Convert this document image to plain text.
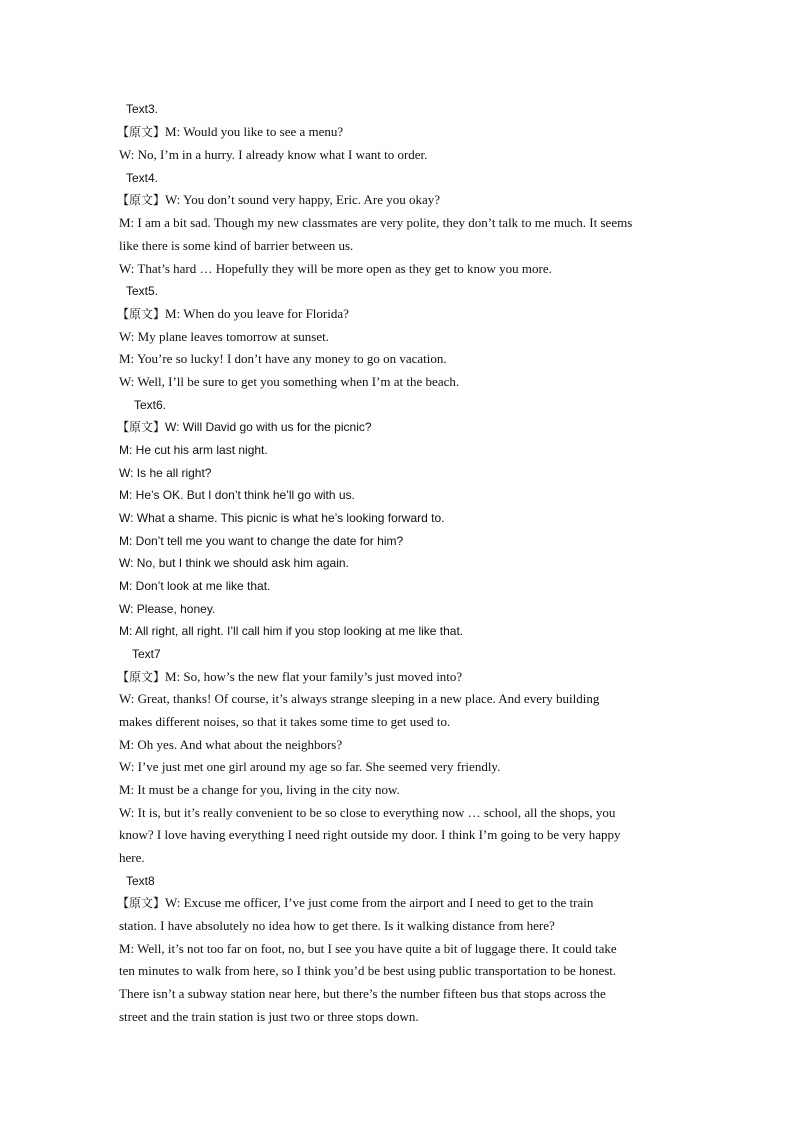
Text3.
【原文】M: Would you like to see a menu?
W: No, I’m in a hurry. I already know what I want to order.
Text4.
【原文】W: You don’t sound very happy, Eric. Are you okay?
M: I am a bit sad. Though my new classmates are very polite, they don’t talk to me much. It seems
like there is some kind of barrier between us.
W: That’s hard … Hopefully they will be more open as they get to know you more.
Text5.
【原文】M: When do you leave for Florida?
W: My plane leaves tomorrow at sunset.
M: You’re so lucky! I don’t have any money to go on vacation.
W: Well, I’ll be sure to get you something when I’m at the beach.
Text6.
【原文】W: Will David go with us for the picnic?
M: He cut his arm last night.
W: Is he all right?
M: He’s OK. But I don’t think he’ll go with us.
W: What a shame. This picnic is what he’s looking forward to.
M: Don’t tell me you want to change the date for him?
W: No, but I think we should ask him again.
M: Don’t look at me like that.
W: Please, honey.
M: All right, all right. I’ll call him if you stop looking at me like that.
Text7
【原文】M: So, how’s the new flat your family’s just moved into?
W: Great, thanks! Of course, it’s always strange sleeping in a new place. And every building
makes different noises, so that it takes some time to get used to.
M: Oh yes. And what about the neighbors?
W: I’ve just met one girl around my age so far. She seemed very friendly.
M: It must be a change for you, living in the city now.
W: It is, but it’s really convenient to be so close to everything now … school, all the shops, you
know? I love having everything I need right outside my door. I think I’m going to be very happy
here.
Text8
【原文】W: Excuse me officer, I’ve just come from the airport and I need to get to the train
station. I have absolutely no idea how to get there. Is it walking distance from here?
M: Well, it’s not too far on foot, no, but I see you have quite a bit of luggage there. It could take
ten minutes to walk from here, so I think you’d be best using public transportation to be honest.
There isn’t a subway station near here, but there’s the number fifteen bus that stops across the
street and the train station is just two or three stops down.
